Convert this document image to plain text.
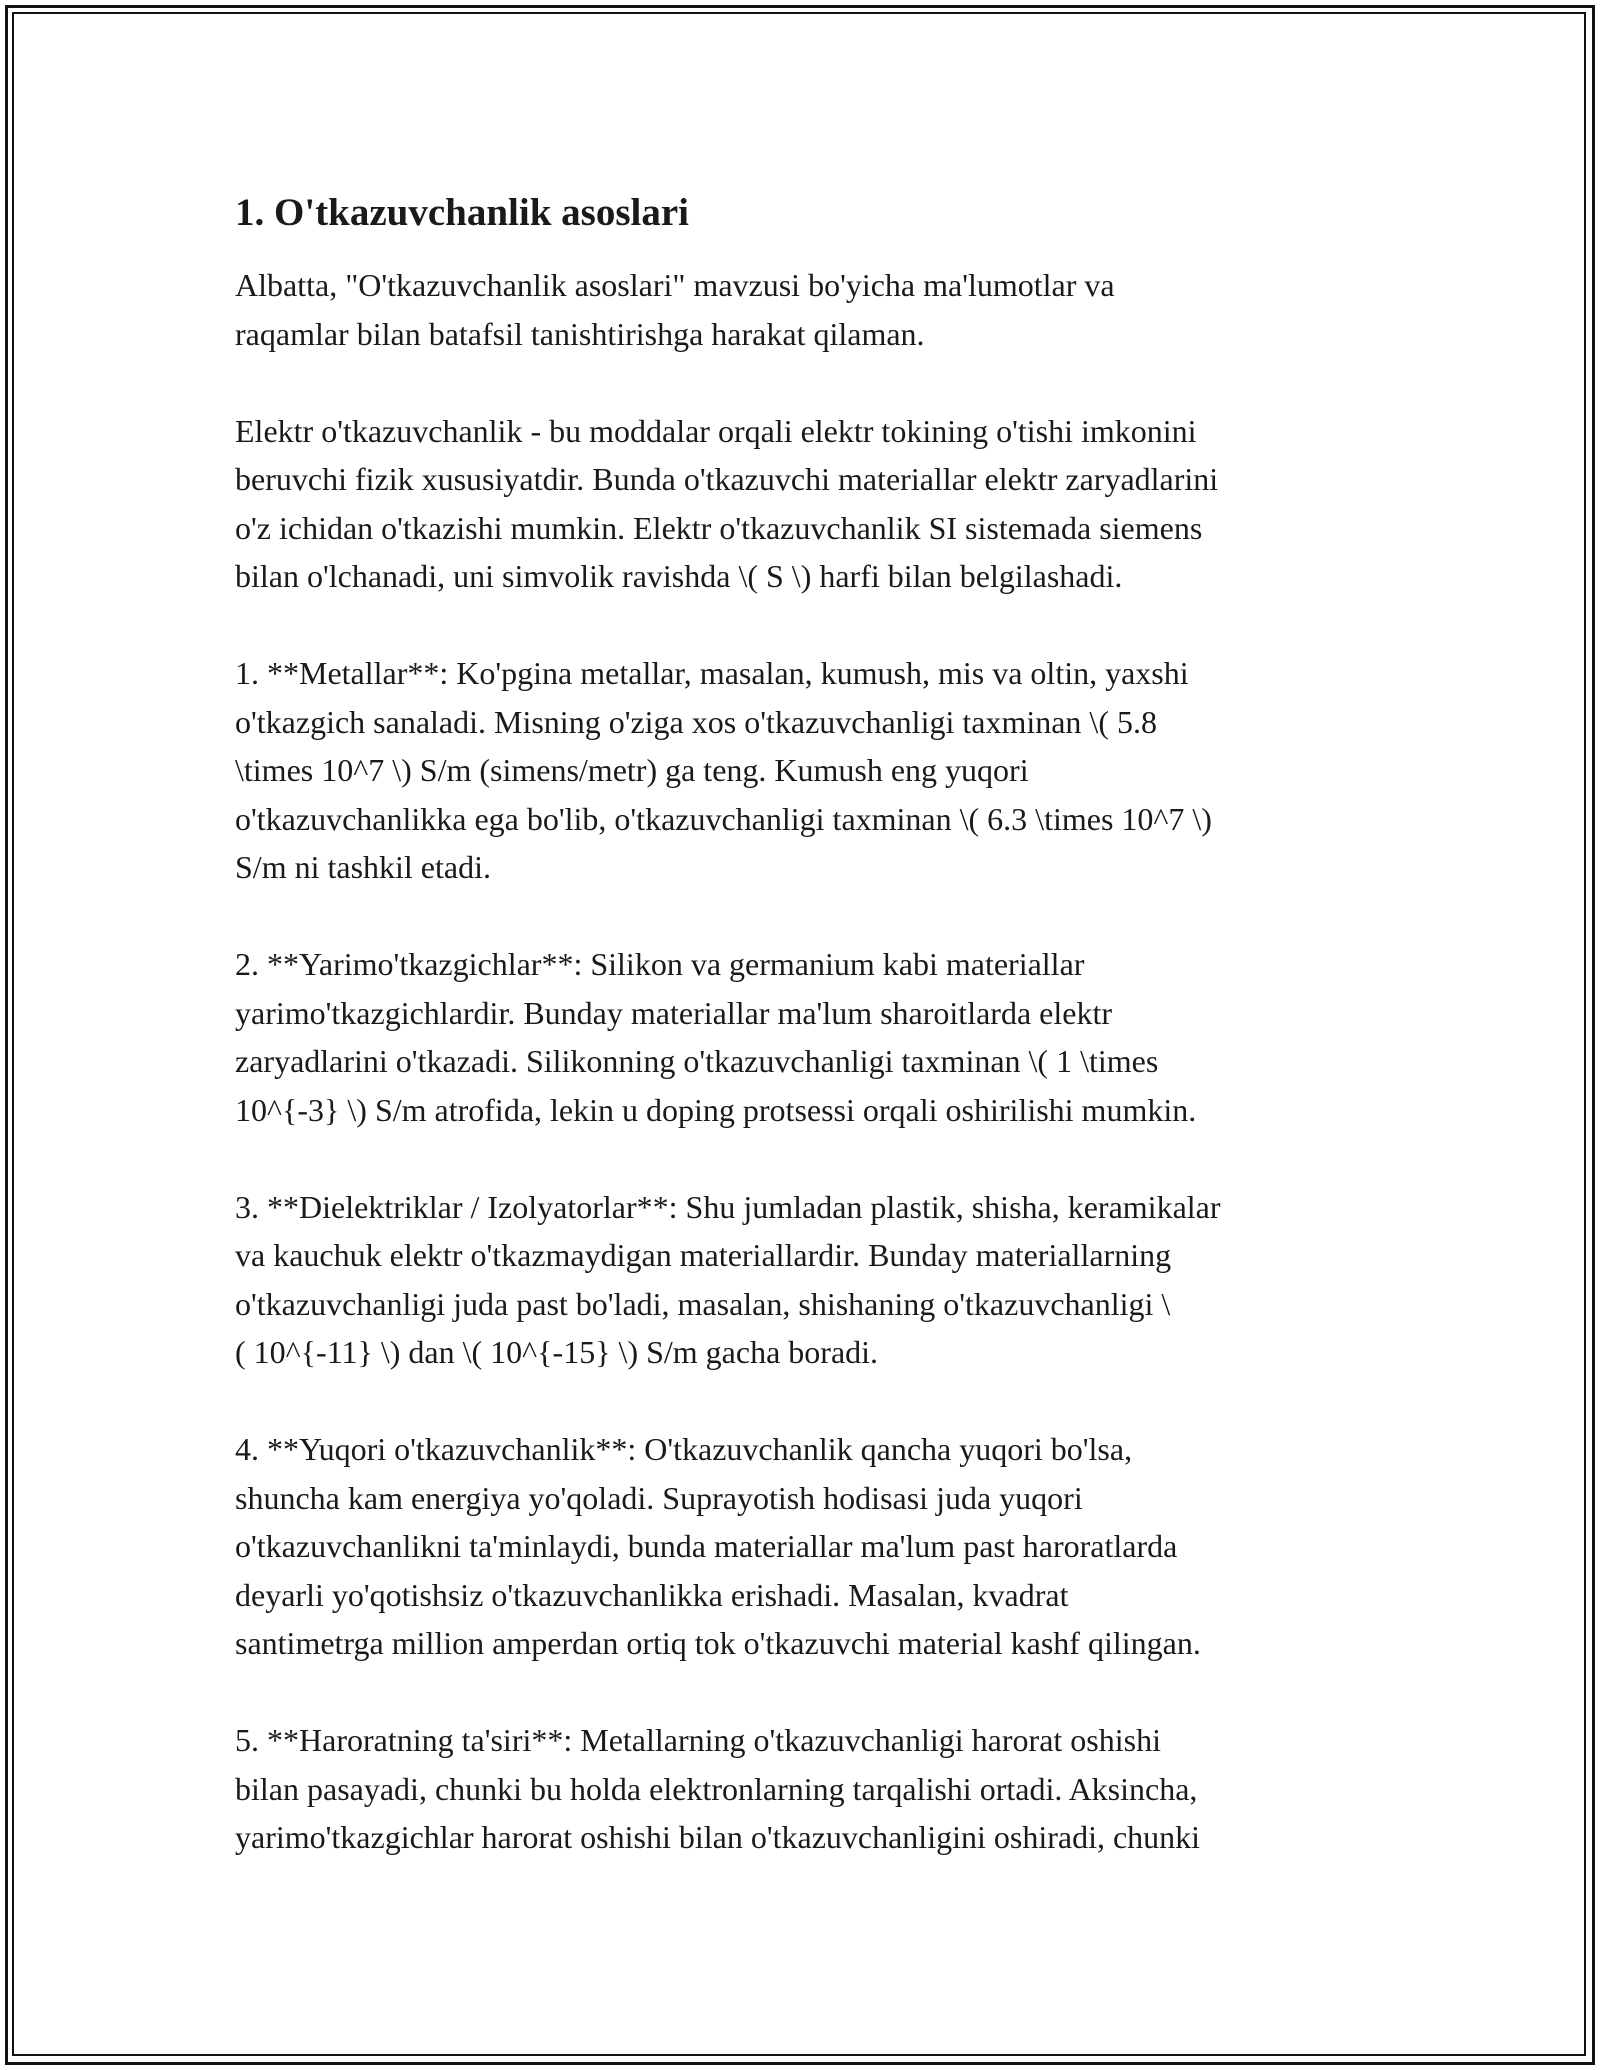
1. O'tkazuvchanlik asoslari

Albatta, "O'tkazuvchanlik asoslari" mavzusi bo'yicha ma'lumotlar va
raqamlar bilan batafsil tanishtirishga harakat qilaman.

Elektr o'tkazuvchanlik - bu moddalar orqali elektr tokining o'tishi imkonini
beruvchi fizik xususiyatdir. Bunda o'tkazuvchi materiallar elektr zaryadlarini
o'z ichidan o'tkazishi mumkin. Elektr o'tkazuvchanlik SI sistemada siemens
bilan o'lchanadi, uni simvolik ravishda \( S \) harfi bilan belgilashadi.

1. **Metallar**: Ko'pgina metallar, masalan, kumush, mis va oltin, yaxshi
o'tkazgich sanaladi. Misning o'ziga xos o'tkazuvchanligi taxminan \( 5.8
\times 10^7 \) S/m (simens/metr) ga teng. Kumush eng yuqori
o'tkazuvchanlikka ega bo'lib, o'tkazuvchanligi taxminan \( 6.3 \times 10^7 \)
S/m ni tashkil etadi.

2. **Yarimo'tkazgichlar**: Silikon va germanium kabi materiallar
yarimo'tkazgichlardir. Bunday materiallar ma'lum sharoitlarda elektr
zaryadlarini o'tkazadi. Silikonning o'tkazuvchanligi taxminan \( 1 \times
10^{-3} \) S/m atrofida, lekin u doping protsessi orqali oshirilishi mumkin.

3. **Dielektriklar / Izolyatorlar**: Shu jumladan plastik, shisha, keramikalar
va kauchuk elektr o'tkazmaydigan materiallardir. Bunday materiallarning
o'tkazuvchanligi juda past bo'ladi, masalan, shishaning o'tkazuvchanligi \
( 10^{-11} \) dan \( 10^{-15} \) S/m gacha boradi.

4. **Yuqori o'tkazuvchanlik**: O'tkazuvchanlik qancha yuqori bo'lsa,
shuncha kam energiya yo'qoladi. Suprayotish hodisasi juda yuqori
o'tkazuvchanlikni ta'minlaydi, bunda materiallar ma'lum past haroratlarda
deyarli yo'qotishsiz o'tkazuvchanlikka erishadi. Masalan, kvadrat
santimetrga million amperdan ortiq tok o'tkazuvchi material kashf qilingan.

5. **Haroratning ta'siri**: Metallarning o'tkazuvchanligi harorat oshishi
bilan pasayadi, chunki bu holda elektronlarning tarqalishi ortadi. Aksincha,
yarimo'tkazgichlar harorat oshishi bilan o'tkazuvchanligini oshiradi, chunki
